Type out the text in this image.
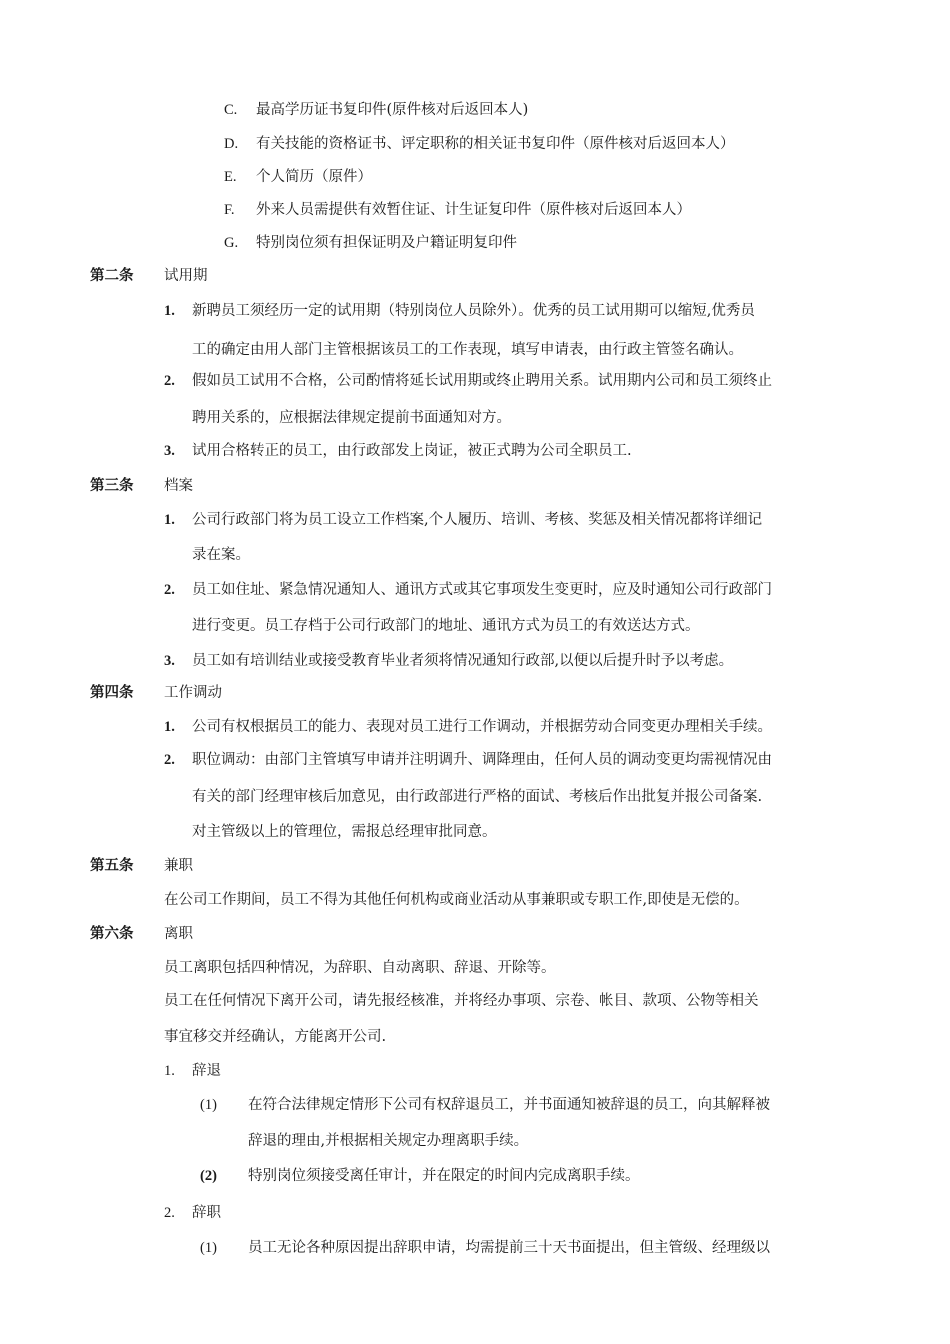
C. 最高学历证书复印件(原件核对后返回本人)
D. 有关技能的资格证书、评定职称的相关证书复印件（原件核对后返回本人）
E. 个人简历（原件）
F. 外来人员需提供有效暂住证、计生证复印件（原件核对后返回本人）
G. 特别岗位须有担保证明及户籍证明复印件
第二条 试用期
1. 新聘员工须经历一定的试用期（特别岗位人员除外）。优秀的员工试用期可以缩短,优秀员
工的确定由用人部门主管根据该员工的工作表现，填写申请表，由行政主管签名确认。
2. 假如员工试用不合格，公司酌情将延长试用期或终止聘用关系。试用期内公司和员工须终止
聘用关系的，应根据法律规定提前书面通知对方。
3. 试用合格转正的员工，由行政部发上岗证，被正式聘为公司全职员工.
第三条 档案
1. 公司行政部门将为员工设立工作档案,个人履历、培训、考核、奖惩及相关情况都将详细记
录在案。
2. 员工如住址、紧急情况通知人、通讯方式或其它事项发生变更时，应及时通知公司行政部门
进行变更。员工存档于公司行政部门的地址、通讯方式为员工的有效送达方式。
3. 员工如有培训结业或接受教育毕业者须将情况通知行政部,以便以后提升时予以考虑。
第四条 工作调动
1. 公司有权根据员工的能力、表现对员工进行工作调动，并根据劳动合同变更办理相关手续。
2. 职位调动：由部门主管填写申请并注明调升、调降理由，任何人员的调动变更均需视情况由
有关的部门经理审核后加意见，由行政部进行严格的面试、考核后作出批复并报公司备案.
对主管级以上的管理位，需报总经理审批同意。
第五条 兼职
在公司工作期间，员工不得为其他任何机构或商业活动从事兼职或专职工作,即使是无偿的。
第六条 离职
员工离职包括四种情况，为辞职、自动离职、辞退、开除等。
员工在任何情况下离开公司，请先报经核准，并将经办事项、宗卷、帐目、款项、公物等相关
事宜移交并经确认，方能离开公司.
1. 辞退
(1) 在符合法律规定情形下公司有权辞退员工，并书面通知被辞退的员工，向其解释被
辞退的理由,并根据相关规定办理离职手续。
(2) 特别岗位须接受离任审计，并在限定的时间内完成离职手续。
2. 辞职
(1) 员工无论各种原因提出辞职申请，均需提前三十天书面提出，但主管级、经理级以
